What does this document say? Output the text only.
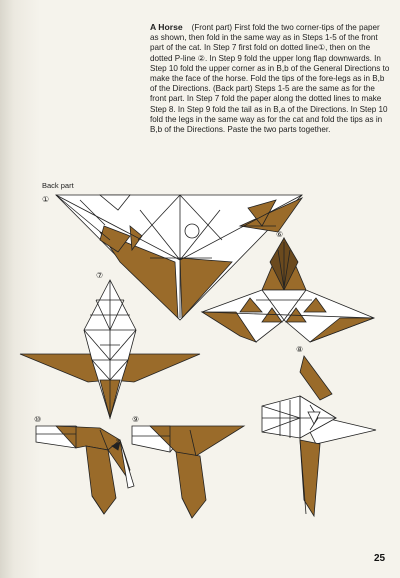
A Horse (Front part) First fold the two corner-tips of the paper as shown, then fold in the same way as in Steps 1-5 of the front part of the cat. In Step 7 first fold on dotted line①, then on the dotted P-line ②. In Step 9 fold the upper long flap downwards. In Step 10 fold the upper corner as in B,b of the General Directions to make the face of the horse. Fold the tips of the fore-legs as in B,b of the Directions. (Back part) Steps 1-5 are the same as for the front part. In Step 7 fold the paper along the dotted lines to make Step 8. In Step 9 fold the tail as in B,a of the Directions. In Step 10 fold the legs in the same way as for the cat and fold the tips as in B,b of the Directions. Paste the two parts together.

Back part
①
⑥
⑦
⑧
⑩	⑨
25
